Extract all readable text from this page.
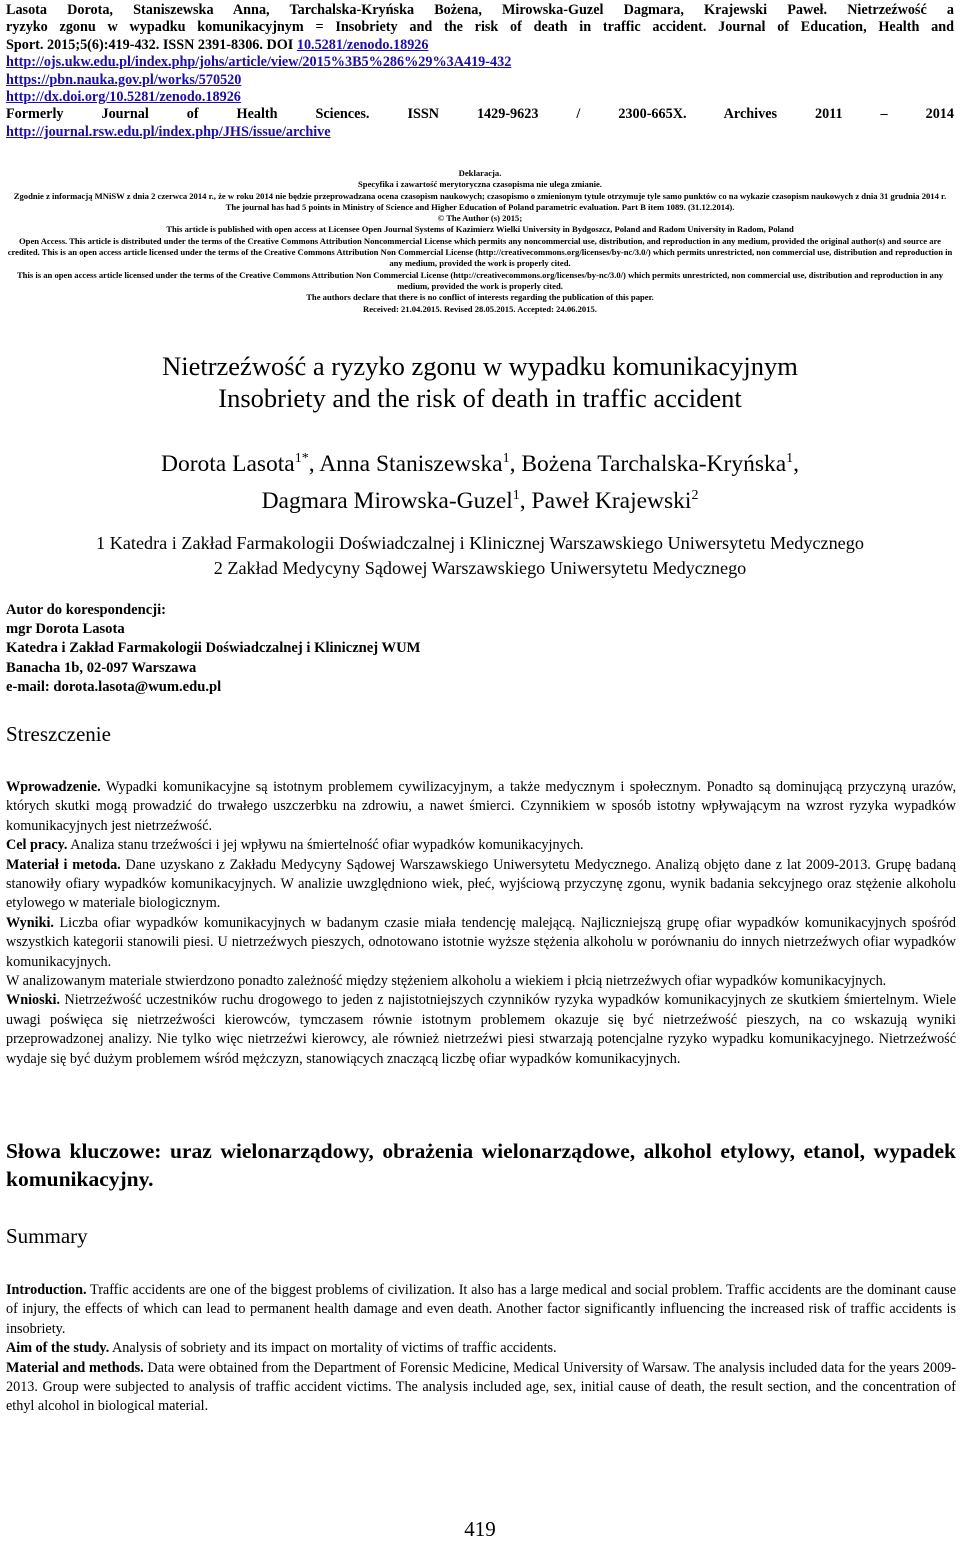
Lasota Dorota, Staniszewska Anna, Tarchalska-Kryńska Bożena, Mirowska-Guzel Dagmara, Krajewski Paweł. Nietrzeźwość a
ryzyko zgonu w wypadku komunikacyjnym = Insobriety and the risk of death in traffic accident. Journal of Education, Health and
Sport. 2015;5(6):419-432. ISSN 2391-8306. DOI 10.5281/zenodo.18926
http://ojs.ukw.edu.pl/index.php/johs/article/view/2015%3B5%286%29%3A419-432
https://pbn.nauka.gov.pl/works/570520
http://dx.doi.org/10.5281/zenodo.18926
Formerly Journal of Health Sciences. ISSN 1429-9623 / 2300-665X. Archives 2011 – 2014
http://journal.rsw.edu.pl/index.php/JHS/issue/archive
Deklaracja.
Specyfika i zawartość merytoryczna czasopisma nie ulega zmianie.
Zgodnie z informacją MNiSW z dnia 2 czerwca 2014 r., że w roku 2014 nie będzie przeprowadzana ocena czasopism naukowych; czasopismo o zmienionym tytule otrzymuje tyle samo punktów co na wykazie czasopism naukowych z dnia 31 grudnia 2014 r.
The journal has had 5 points in Ministry of Science and Higher Education of Poland parametric evaluation. Part B item 1089. (31.12.2014).
© The Author (s) 2015;
This article is published with open access at Licensee Open Journal Systems of Kazimierz Wielki University in Bydgoszcz, Poland and Radom University in Radom, Poland
Open Access. This article is distributed under the terms of the Creative Commons Attribution Noncommercial License which permits any noncommercial use, distribution, and reproduction in any medium, provided the original author(s) and source are credited. This is an open access article licensed under the terms of the Creative Commons Attribution Non Commercial License (http://creativecommons.org/licenses/by-nc/3.0/) which permits unrestricted, non commercial use, distribution and reproduction in any medium, provided the work is properly cited.
This is an open access article licensed under the terms of the Creative Commons Attribution Non Commercial License (http://creativecommons.org/licenses/by-nc/3.0/) which permits unrestricted, non commercial use, distribution and reproduction in any medium, provided the work is properly cited.
The authors declare that there is no conflict of interests regarding the publication of this paper.
Received: 21.04.2015. Revised 28.05.2015. Accepted: 24.06.2015.
Nietrzeźwość a ryzyko zgonu w wypadku komunikacyjnym
Insobriety and the risk of death in traffic accident
Dorota Lasota$^{1*}$, Anna Staniszewska$^1$, Bożena Tarchalska-Kryńska$^1$,
Dagmara Mirowska-Guzel$^1$, Paweł Krajewski$^2$
1 Katedra i Zakład Farmakologii Doświadczalnej i Klinicznej Warszawskiego Uniwersytetu Medycznego
2 Zakład Medycyny Sądowej Warszawskiego Uniwersytetu Medycznego
Autor do korespondencji:
mgr Dorota Lasota
Katedra i Zakład Farmakologii Doświadczalnej i Klinicznej WUM
Banacha 1b, 02-097 Warszawa
e-mail: dorota.lasota@wum.edu.pl
Streszczenie

Wprowadzenie. Wypadki komunikacyjne są istotnym problemem cywilizacyjnym, a także medycznym i społecznym. Ponadto są dominującą przyczyną urazów, których skutki mogą prowadzić do trwałego uszczerbku na zdrowiu, a nawet śmierci. Czynnikiem w sposób istotny wpływającym na wzrost ryzyka wypadków komunikacyjnych jest nietrzeźwość.

Cel pracy. Analiza stanu trzeźwości i jej wpływu na śmiertelność ofiar wypadków komunikacyjnych.

Materiał i metoda. Dane uzyskano z Zakładu Medycyny Sądowej Warszawskiego Uniwersytetu Medycznego. Analizą objęto dane z lat 2009-2013. Grupę badaną stanowiły ofiary wypadków komunikacyjnych. W analizie uwzględniono wiek, płeć, wyjściową przyczynę zgonu, wynik badania sekcyjnego oraz stężenie alkoholu etylowego w materiale biologicznym.

Wyniki. Liczba ofiar wypadków komunikacyjnych w badanym czasie miała tendencję malejącą. Najliczniejszą grupę ofiar wypadków komunikacyjnych spośród wszystkich kategorii stanowili piesi. U nietrzeźwych pieszych, odnotowano istotnie wyższe stężenia alkoholu w porównaniu do innych nietrzeźwych ofiar wypadków komunikacyjnych.

W analizowanym materiale stwierdzono ponadto zależność między stężeniem alkoholu a wiekiem i płcią nietrzeźwych ofiar wypadków komunikacyjnych.

Wnioski. Nietrzeźwość uczestników ruchu drogowego to jeden z najistotniejszych czynników ryzyka wypadków komunikacyjnych ze skutkiem śmiertelnym. Wiele uwagi poświęca się nietrzeźwości kierowców, tymczasem równie istotnym problemem okazuje się być nietrzeźwość pieszych, na co wskazują wyniki przeprowadzonej analizy. Nie tylko więc nietrzeźwi kierowcy, ale również nietrzeźwi piesi stwarzają potencjalne ryzyko wypadku komunikacyjnego. Nietrzeźwość wydaje się być dużym problemem wśród mężczyzn, stanowiących znaczącą liczbę ofiar wypadków komunikacyjnych.

Słowa kluczowe: uraz wielonarządowy, obrażenia wielonarządowe, alkohol etylowy, etanol, wypadek komunikacyjny.
Summary

Introduction. Traffic accidents are one of the biggest problems of civilization. It also has a large medical and social problem. Traffic accidents are the dominant cause of injury, the effects of which can lead to permanent health damage and even death. Another factor significantly influencing the increased risk of traffic accidents is insobriety.

Aim of the study. Analysis of sobriety and its impact on mortality of victims of traffic accidents.

Material and methods. Data were obtained from the Department of Forensic Medicine, Medical University of Warsaw. The analysis included data for the years 2009-2013. Group were subjected to analysis of traffic accident victims. The analysis included age, sex, initial cause of death, the result section, and the concentration of ethyl alcohol in biological material.

419
